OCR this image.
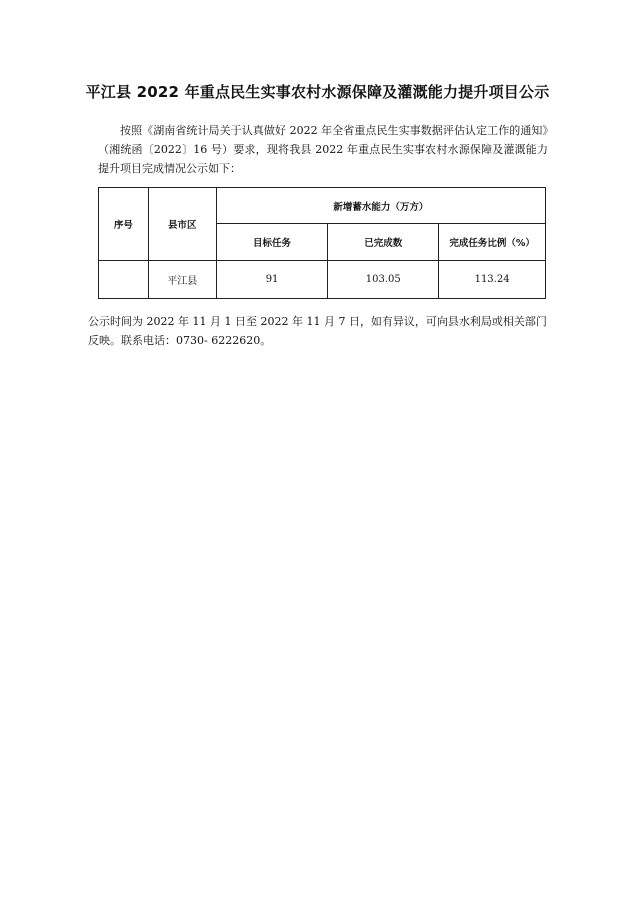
平江县 2022 年重点民生实事农村水源保障及灌溉能力提升项目公示

按照《湖南省统计局关于认真做好 2022 年全省重点民生实事数据评估认定工作的通知》（湘统函〔2022〕16 号）要求，现将我县 2022 年重点民生实事农村水源保障及灌溉能力提升项目完成情况公示如下：

序号	县市区	新增蓄水能力（万方）		
		目标任务	已完成数	完成任务比例（%）
	平江县	91	103.05	113.24

公示时间为 2022 年 11 月 1 日至 2022 年 11 月 7 日，如有异议，可向县水利局或相关部门反映。联系电话：0730- 6222620。
